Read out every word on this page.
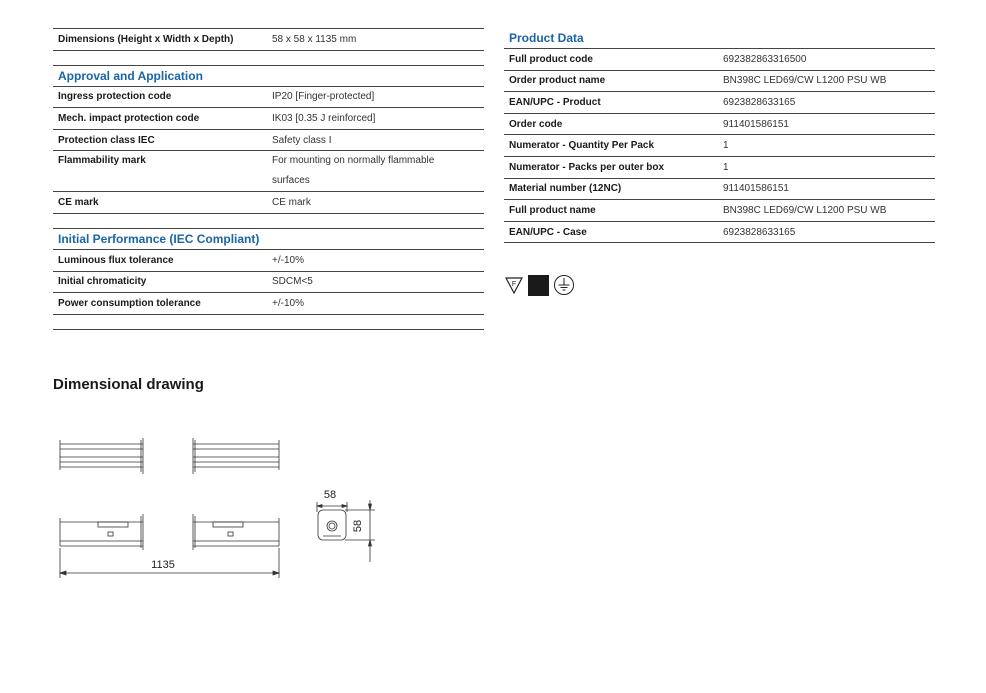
Dimensions (Height x Width x Depth)	58 x 58 x 1135 mm

Approval and Application	
Ingress protection code	IP20 [Finger-protected]
Mech. impact protection code	IK03 [0.35 J reinforced]
Protection class IEC	Safety class I
Flammability mark	For mounting on normally flammable
surfaces

CE mark	CE mark

Initial Performance (IEC Compliant)	
Luminous flux tolerance	+/-10%
Initial chromaticity	SDCM<5
Power consumption tolerance	+/-10%

Product Data	
Full product code	692382863316500
Order product name	BN398C LED69/CW L1200 PSU WB
EAN/UPC - Product	6923828633165
Order code	911401586151
Numerator - Quantity Per Pack	1
Numerator - Packs per outer box	1
Material number (12NC)	911401586151
Full product name	BN398C LED69/CW L1200 PSU WB
EAN/UPC - Case	6923828633165
F
Dimensional drawing
1135
58
58
